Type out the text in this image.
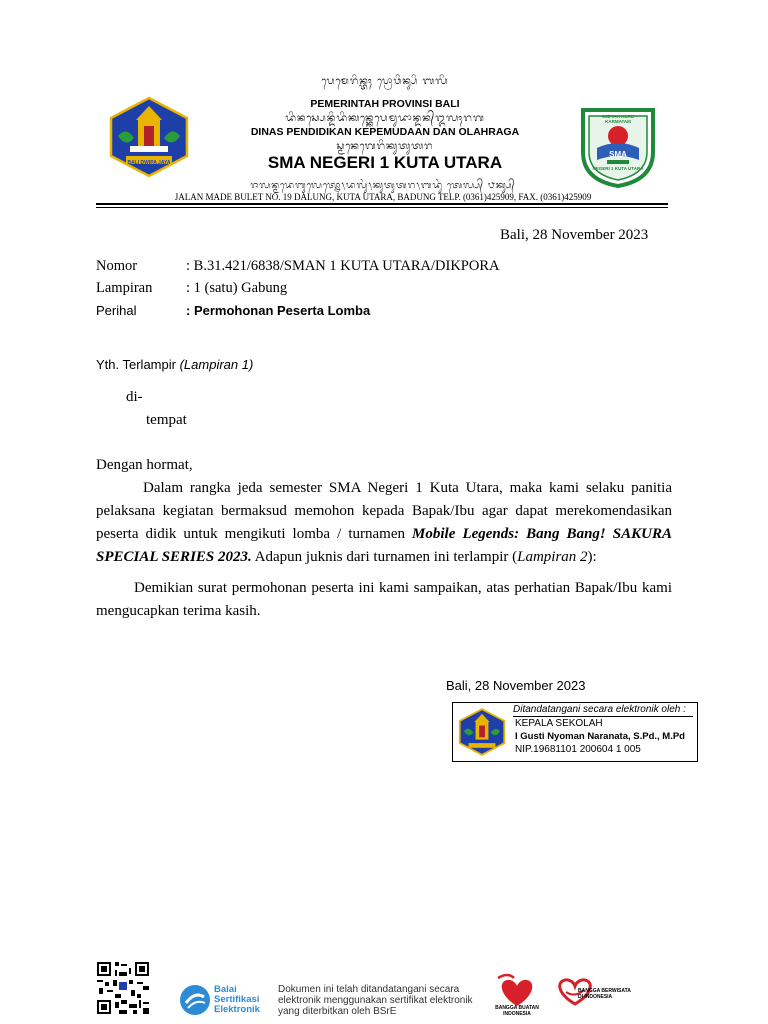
BALI DWIPA JAYA
ᬧᬾᬫᬾᬭᬶᬦ᭄ᬢᬄ ᬧ᭄ᬭᭀᬯᬶᬦ᭄ᬲᬶ ᬩᬮᬶ
PEMERINTAH PROVINSI BALI
ᬤᬶᬦᬲ᭄ᬧᬾᬦ᭄ᬤᬶᬤᬶᬓᬦ᭄ᬓᬾᬧᬾᬫᬸᬤᬵᬦ᭄ᬤᬦ᭄ᬑᬮᬄᬭᬕ
DINAS PENDIDIKAN KEPEMUDAAN DAN OLAHRAGA
ᬲ᭄ᬫᬦᬾᬕᬾᬭᬶᬓᬸᬢᬸᬢᬭ
SMA NEGERI 1 KUTA UTARA
ᬚᬮᬦ᭄ᬫᬤᬾᬩᬸᬮᬾᬢ᭄ᬦᭀ᭞ᬤᬮᬸᬂ᭞ᬓᬸᬢᬸᬢᬭ᭞ᬩᬤᬸᬂ ᬢᬾᬮ᭄ᬧ᭄ ᬨᬓ᭄ᬲ᭄
JALAN MADE BULET NO. 19 DALUNG, KUTA UTARA, BADUNG TELP. (0361)425909, FAX. (0361)425909
WIDYAH KURU KARMATAM
SMA
NEGERI 1 KUTA UTARA
Bali, 28 November 2023
Nomor	: B.31.421/6838/SMAN 1 KUTA UTARA/DIKPORA
Lampiran : 1 (satu) Gabung
Perihal	: Permohonan Peserta Lomba
Yth. Terlampir (Lampiran 1)
di-
tempat
Dengan hormat,
Dalam rangka jeda semester SMA Negeri 1 Kuta Utara, maka kami selaku panitia pelaksana kegiatan bermaksud memohon kepada Bapak/Ibu agar dapat merekomendasikan peserta didik untuk mengikuti lomba / turnamen Mobile Legends: Bang Bang! SAKURA SPECIAL SERIES 2023. Adapun juknis dari turnamen ini terlampir (Lampiran 2):
Demikian surat permohonan peserta ini kami sampaikan, atas perhatian Bapak/Ibu kami mengucapkan terima kasih.
Bali, 28 November 2023
Ditandatangani secara elektronik oleh :
KEPALA SEKOLAH
I Gusti Nyoman Naranata, S.Pd., M.Pd
NIP.19681101 200604 1 005
Balai
Sertifikasi
Elektronik
Dokumen ini telah ditandatangani secara elektronik menggunakan sertifikat elektronik yang diterbitkan oleh BSrE	BANGGA BUATAN INDONESIA
BANGGA BERWISATA DI INDONESIA
